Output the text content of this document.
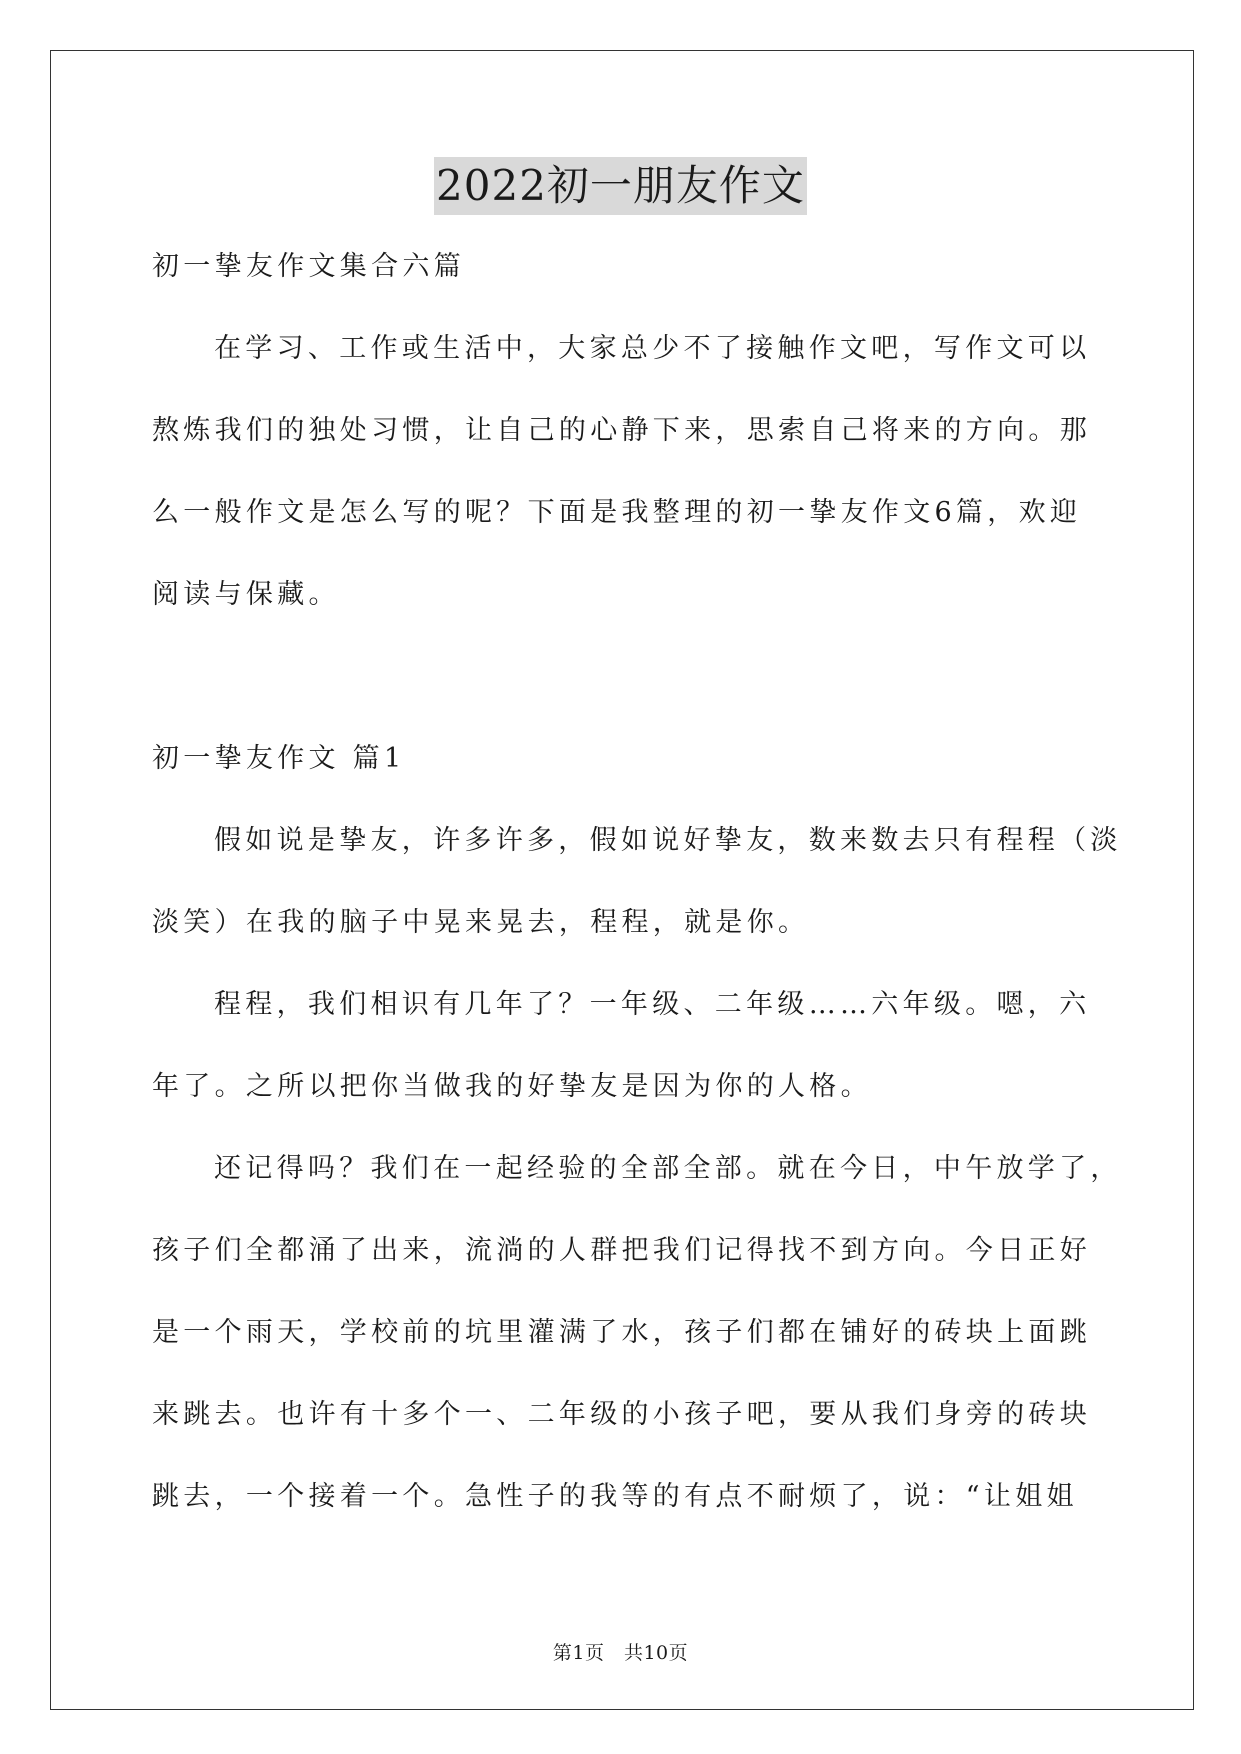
2022初一朋友作文
初一挚友作文集合六篇
在学习、工作或生活中，大家总少不了接触作文吧，写作文可以
熬炼我们的独处习惯，让自己的心静下来，思索自己将来的方向。那
么一般作文是怎么写的呢？下面是我整理的初一挚友作文6篇，欢迎
阅读与保藏。
初一挚友作文 篇1
假如说是挚友，许多许多，假如说好挚友，数来数去只有程程（淡
淡笑）在我的脑子中晃来晃去，程程，就是你。
程程，我们相识有几年了？一年级、二年级……六年级。嗯，六
年了。之所以把你当做我的好挚友是因为你的人格。
还记得吗？我们在一起经验的全部全部。就在今日，中午放学了，
孩子们全都涌了出来，流淌的人群把我们记得找不到方向。今日正好
是一个雨天，学校前的坑里灌满了水，孩子们都在铺好的砖块上面跳
来跳去。也许有十多个一、二年级的小孩子吧，要从我们身旁的砖块
跳去，一个接着一个。急性子的我等的有点不耐烦了，说：“让姐姐
第1页　共10页
